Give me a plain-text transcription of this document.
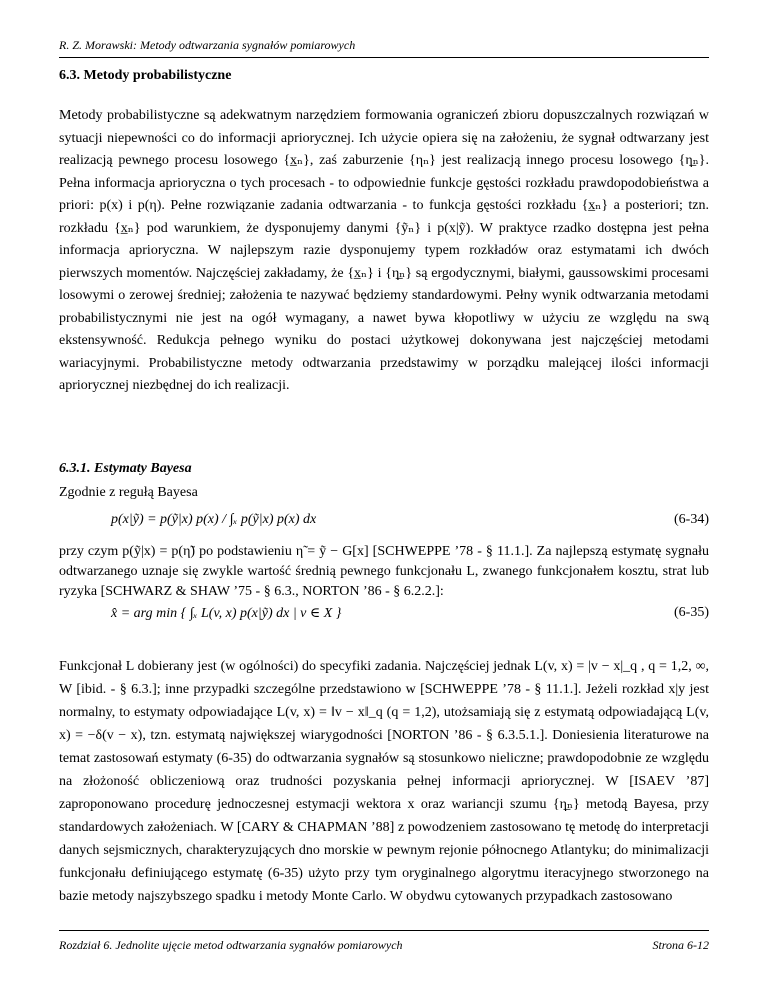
R. Z. Morawski: Metody odtwarzania sygnałów pomiarowych
6.3. Metody probabilistyczne
Metody probabilistyczne są adekwatnym narzędziem formowania ograniczeń zbioru dopuszczalnych rozwiązań w sytuacji niepewności co do informacji apriorycznej. Ich użycie opiera się na założeniu, że sygnał odtwarzany jest realizacją pewnego procesu losowego {x̲ₙ}, zaś zaburzenie {ηₙ} jest realizacją innego procesu losowego {η̲ₙ}. Pełna informacja aprioryczna o tych procesach - to odpowiednie funkcje gęstości rozkładu prawdopodobieństwa a priori: p(x) i p(η). Pełne rozwiązanie zadania odtwarzania - to funkcja gęstości rozkładu {x̲ₙ} a posteriori; tzn. rozkładu {x̲ₙ} pod warunkiem, że dysponujemy danymi {ỹₙ} i p(x|ỹ). W praktyce rzadko dostępna jest pełna informacja aprioryczna. W najlepszym razie dysponujemy typem rozkładów oraz estymatami ich dwóch pierwszych momentów. Najczęściej zakładamy, że {x̲ₙ} i {η̲ₙ} są ergodycznymi, białymi, gaussowskimi procesami losowymi o zerowej średniej; założenia te nazywać będziemy standardowymi. Pełny wynik odtwarzania metodami probabilistycznymi nie jest na ogół wymagany, a nawet bywa kłopotliwy w użyciu ze względu na swą ekstensywność. Redukcja pełnego wyniku do postaci użytkowej dokonywana jest najczęściej metodami wariacyjnymi. Probabilistyczne metody odtwarzania przedstawimy w porządku malejącej ilości informacji apriorycznej niezbędnej do ich realizacji.
6.3.1. Estymaty Bayesa
Zgodnie z regułą Bayesa
p(x|ỹ) = p(ỹ|x) p(x) / ∫ₓ p(ỹ|x) p(x) dx	(6-34)
przy czym p(ỹ|x) = p(η̃) po podstawieniu η̃ = ỹ − G[x] [SCHWEPPE ’78 - § 11.1.]. Za najlepszą estymatę sygnału odtwarzanego uznaje się zwykle wartość średnią pewnego funkcjonału L, zwanego funkcjonałem kosztu, strat lub ryzyka [SCHWARZ & SHAW ’75 - § 6.3., NORTON ’86 - § 6.2.2.]:
x̂ = arg min { ∫ₓ L(v, x) p(x|ỹ) dx | v ∈ X }	(6-35)
Funkcjonał L dobierany jest (w ogólności) do specyfiki zadania. Najczęściej jednak L(v, x) = |v − x|_q , q = 1,2, ∞, W [ibid. - § 6.3.]; inne przypadki szczególne przedstawiono w [SCHWEPPE ’78 - § 11.1.]. Jeżeli rozkład x|y jest normalny, to estymaty odpowiadające L(v, x) = ‖v − x‖_q (q = 1,2), utożsamiają się z estymatą odpowiadającą L(v, x) = −δ(v − x), tzn. estymatą największej wiarygodności [NORTON ’86 - § 6.3.5.1.]. Doniesienia literaturowe na temat zastosowań estymaty (6-35) do odtwarzania sygnałów są stosunkowo nieliczne; prawdopodobnie ze względu na złożoność obliczeniową oraz trudności pozyskania pełnej informacji apriorycznej. W [ISAEV ’87] zaproponowano procedurę jednoczesnej estymacji wektora x oraz wariancji szumu {η̲ₙ} metodą Bayesa, przy standardowych założeniach. W [CARY & CHAPMAN ’88] z powodzeniem zastosowano tę metodę do interpretacji danych sejsmicznych, charakteryzujących dno morskie w pewnym rejonie północnego Atlantyku; do minimalizacji funkcjonału definiującego estymatę (6-35) użyto przy tym oryginalnego algorytmu iteracyjnego stworzonego na bazie metody najszybszego spadku i metody Monte Carlo. W obydwu cytowanych przypadkach zastosowano
Rozdział 6. Jednolite ujęcie metod odtwarzania sygnałów pomiarowych	Strona 6-12
